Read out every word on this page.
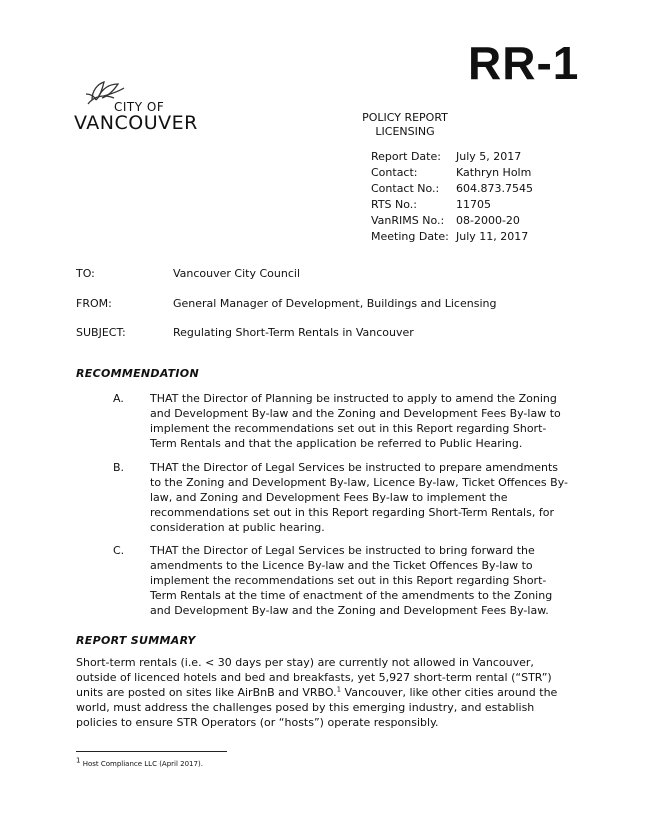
RR-1
CITY OF
VANCOUVER	POLICY REPORT
LICENSING
Report Date:	July 5, 2017
Contact:	Kathryn Holm
Contact No.:	604.873.7545
RTS No.:	11705
VanRIMS No.:	08-2000-20
Meeting Date: July 11, 2017
TO:	Vancouver City Council
FROM:	General Manager of Development, Buildings and Licensing
SUBJECT:	Regulating Short-Term Rentals in Vancouver
RECOMMENDATION
A.	THAT the Director of Planning be instructed to apply to amend the Zoning and Development By-law and the Zoning and Development Fees By-law to implement the recommendations set out in this Report regarding Short-Term Rentals and that the application be referred to Public Hearing.
B.	THAT the Director of Legal Services be instructed to prepare amendments to the Zoning and Development By-law, Licence By-law, Ticket Offences By-law, and Zoning and Development Fees By-law to implement the recommendations set out in this Report regarding Short-Term Rentals, for consideration at public hearing.
C.	THAT the Director of Legal Services be instructed to bring forward the amendments to the Licence By-law and the Ticket Offences By-law to implement the recommendations set out in this Report regarding Short-Term Rentals at the time of enactment of the amendments to the Zoning and Development By-law and the Zoning and Development Fees By-law.
REPORT SUMMARY
Short-term rentals (i.e. < 30 days per stay) are currently not allowed in Vancouver, outside of licenced hotels and bed and breakfasts, yet 5,927 short-term rental (“STR”) units are posted on sites like AirBnB and VRBO.$^1$ Vancouver, like other cities around the world, must address the challenges posed by this emerging industry, and establish policies to ensure STR Operators (or “hosts”) operate responsibly.
$^1$ Host Compliance LLC (April 2017).
